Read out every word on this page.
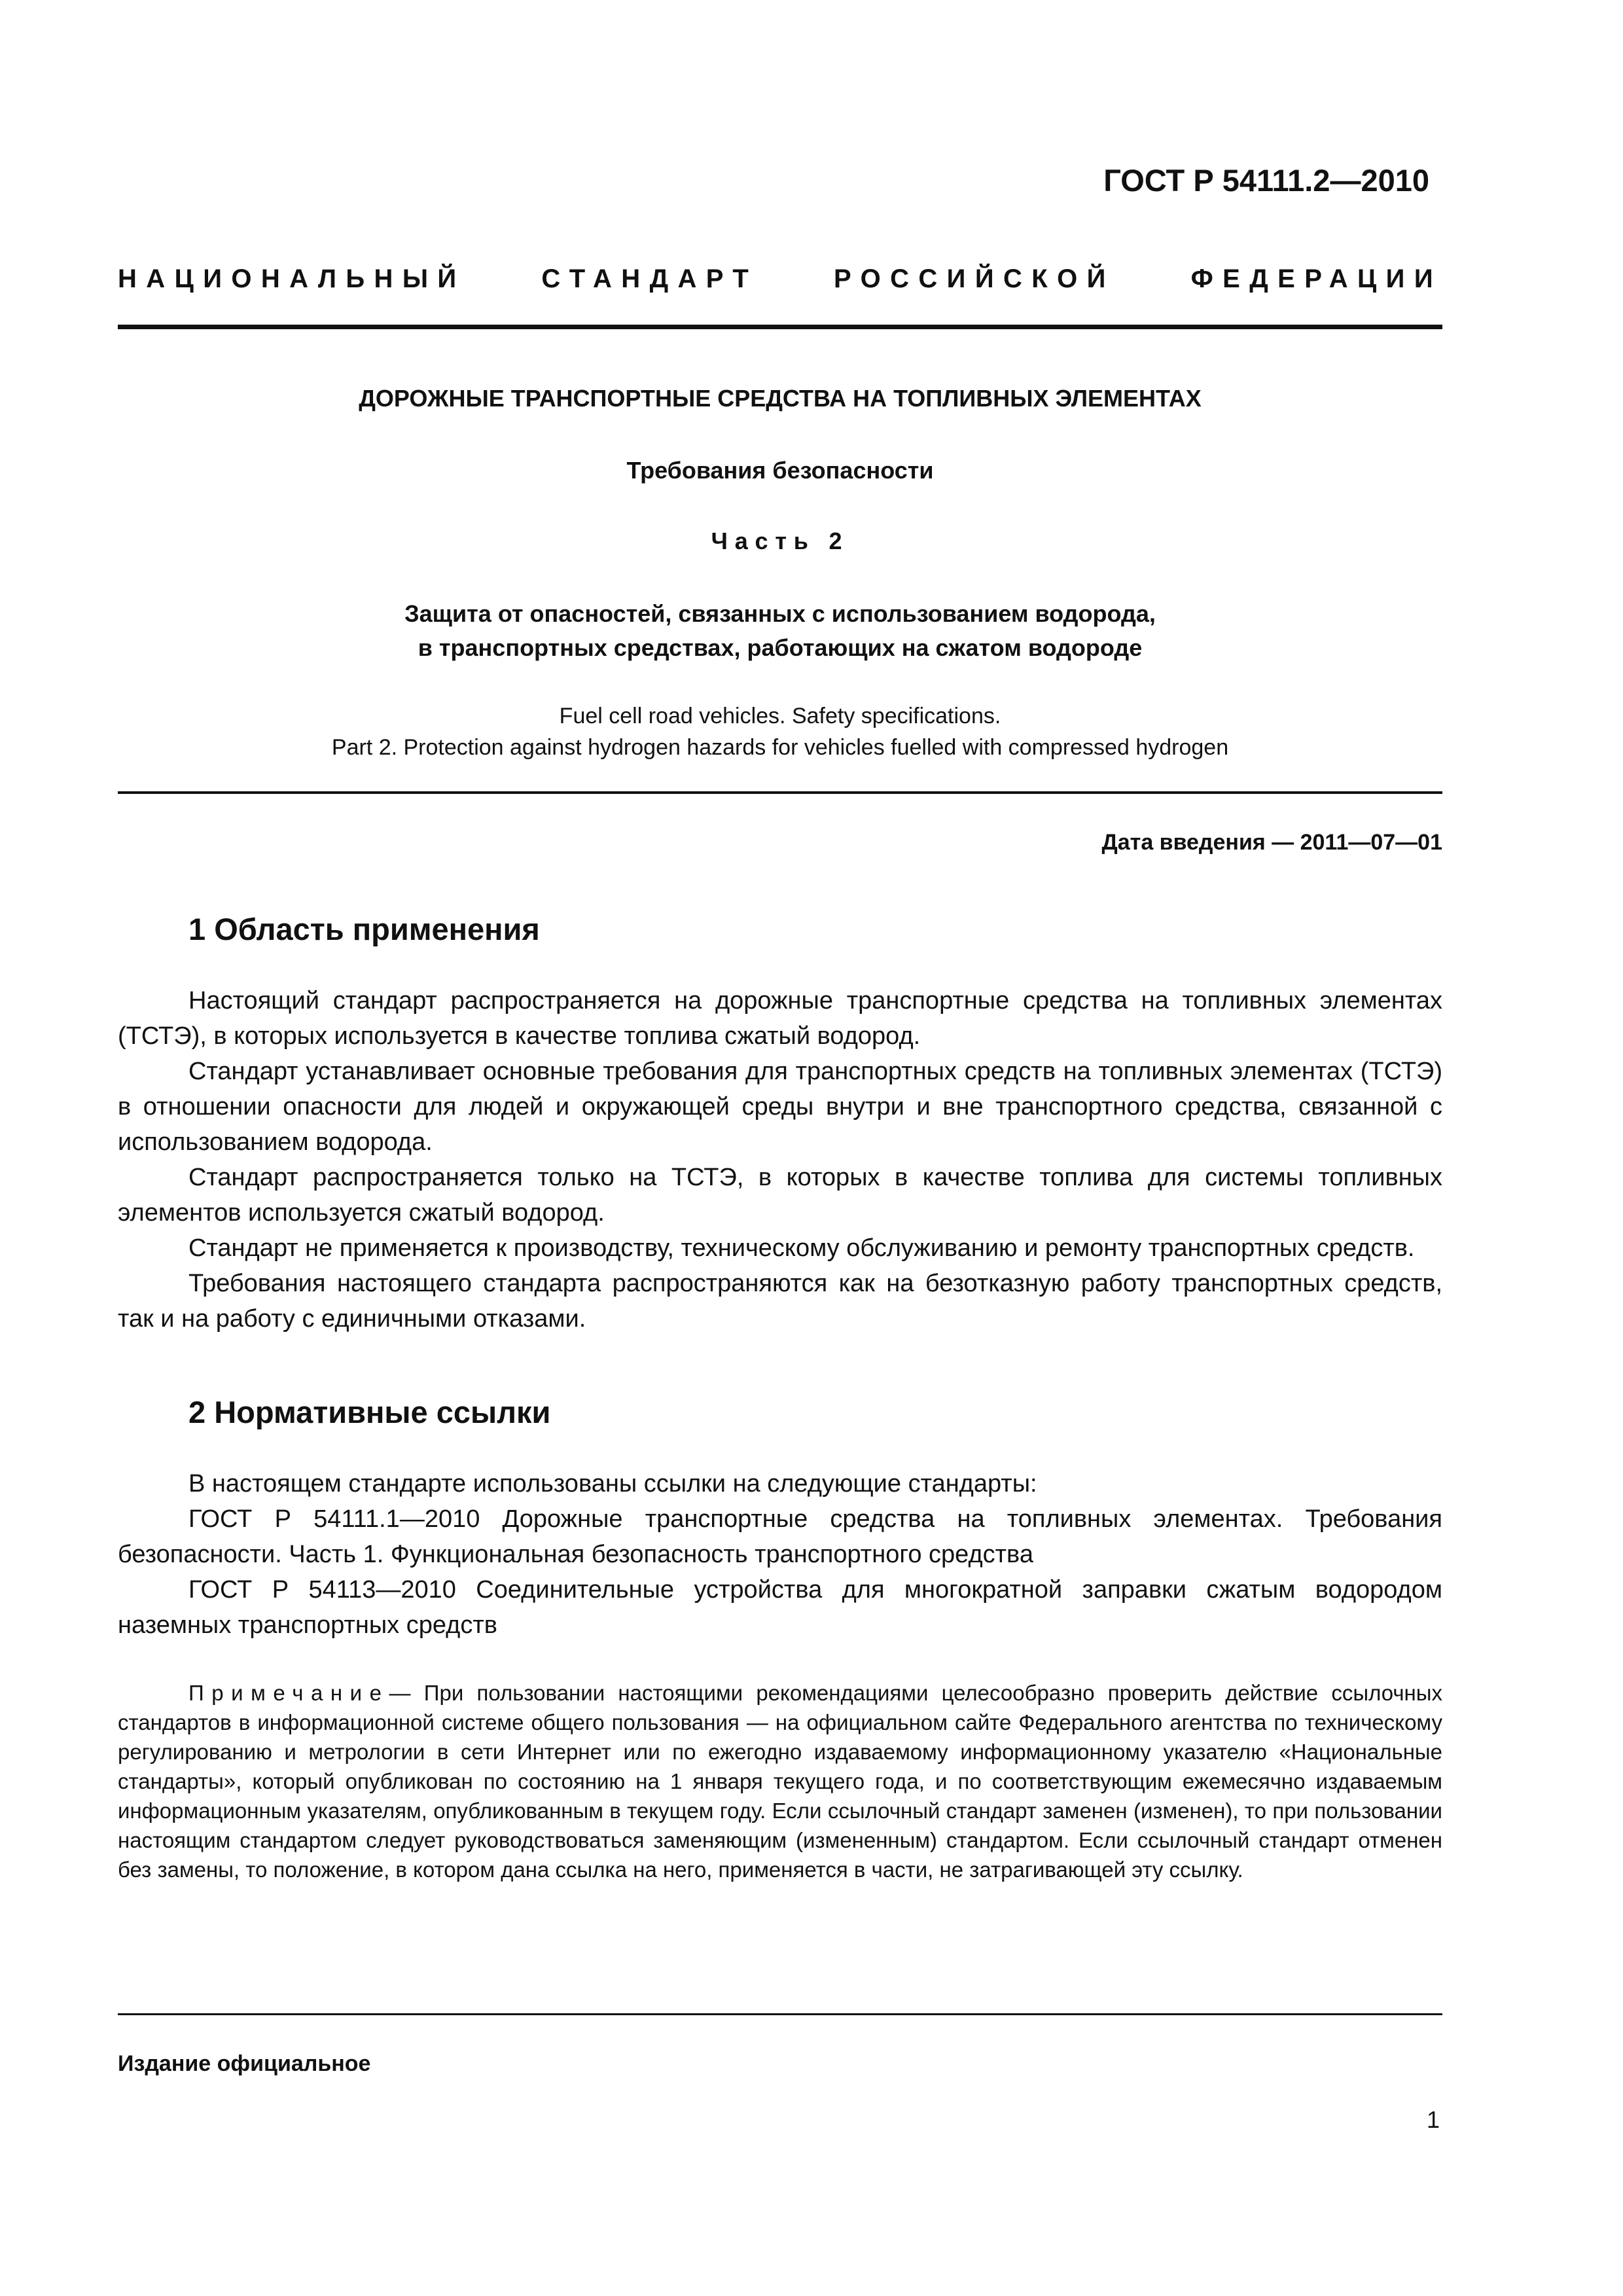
ГОСТ Р 54111.2—2010
НАЦИОНАЛЬНЫЙ	СТАНДАРТ	РОССИЙСКОЙ	ФЕДЕРАЦИИ
ДОРОЖНЫЕ ТРАНСПОРТНЫЕ СРЕДСТВА НА ТОПЛИВНЫХ ЭЛЕМЕНТАХ
Требования безопасности
Часть 2
Защита от опасностей, связанных с использованием водорода,
в транспортных средствах, работающих на сжатом водороде
Fuel cell road vehicles. Safety specifications.
Part 2. Protection against hydrogen hazards for vehicles fuelled with compressed hydrogen
Дата введения — 2011—07—01
1 Область применения

Настоящий стандарт распространяется на дорожные транспортные средства на топливных элементах (ТСТЭ), в которых используется в качестве топлива сжатый водород.

Стандарт устанавливает основные требования для транспортных средств на топливных элементах (ТСТЭ) в отношении опасности для людей и окружающей среды внутри и вне транспортного средства, связанной с использованием водорода.

Стандарт распространяется только на ТСТЭ, в которых в качестве топлива для системы топливных элементов используется сжатый водород.

Стандарт не применяется к производству, техническому обслуживанию и ремонту транспортных средств.

Требования настоящего стандарта распространяются как на безотказную работу транспортных средств, так и на работу с единичными отказами.

2 Нормативные ссылки

В настоящем стандарте использованы ссылки на следующие стандарты:

ГОСТ Р 54111.1—2010 Дорожные транспортные средства на топливных элементах. Требования безопасности. Часть 1. Функциональная безопасность транспортного средства

ГОСТ Р 54113—2010 Соединительные устройства для многократной заправки сжатым водородом наземных транспортных средств

Примечание— При пользовании настоящими рекомендациями целесообразно проверить действие ссылочных стандартов в информационной системе общего пользования — на официальном сайте Федерального агентства по техническому регулированию и метрологии в сети Интернет или по ежегодно издаваемому информационному указателю «Национальные стандарты», который опубликован по состоянию на 1 января текущего года, и по соответствующим ежемесячно издаваемым информационным указателям, опубликованным в текущем году. Если ссылочный стандарт заменен (изменен), то при пользовании настоящим стандартом следует руководствоваться заменяющим (измененным) стандартом. Если ссылочный стандарт отменен без замены, то положение, в котором дана ссылка на него, применяется в части, не затрагивающей эту ссылку.

Издание официальное
1
